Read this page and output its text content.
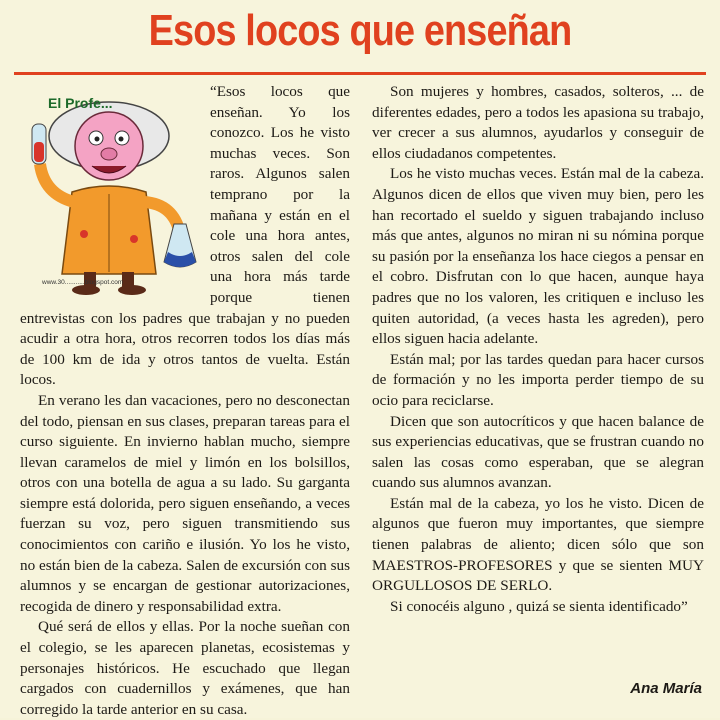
Esos locos que enseñan
El Profe...
www.30...........blogspot.com

“Esos locos que enseñan. Yo los conozco. Los he visto muchas veces. Son raros. Algunos salen temprano por la mañana y están en el cole una hora antes, otros salen del cole una hora más tarde porque tienen entrevistas con los padres que trabajan y no pueden acudir a otra hora, otros recorren todos los días más de 100 km de ida y otros tantos de vuelta. Están locos.

En verano les dan vacaciones, pero no desconectan del todo, piensan en sus clases, preparan tareas para el curso siguiente. En invierno hablan mucho, siempre llevan caramelos de miel y limón en los bolsillos, otros con una botella de agua a su lado. Su garganta siempre está dolorida, pero siguen enseñando, a veces fuerzan su voz, pero siguen transmitiendo sus conocimientos con cariño e ilusión. Yo los he visto, no están bien de la cabeza. Salen de excursión con sus alumnos y se encargan de gestionar autorizaciones, recogida de dinero y responsabilidad extra.

Qué será de ellos y ellas. Por la noche sueñan con el colegio, se les aparecen planetas, ecosistemas y personajes históricos. He escuchado que llegan cargados con cuadernillos y exámenes, que han corregido la tarde anterior en su casa.

Son mujeres y hombres, casados, solteros, ... de diferentes edades, pero a todos les apasiona su trabajo, ver crecer a sus alumnos, ayudarlos y conseguir de ellos ciudadanos competentes.

Los he visto muchas veces. Están mal de la cabeza. Algunos dicen de ellos que viven muy bien, pero les han recortado el sueldo y siguen trabajando incluso más que antes, algunos no miran ni su nómina porque su pasión por la enseñanza los hace ciegos a pensar en el cobro. Disfrutan con lo que hacen, aunque haya padres que no los valoren, les critiquen e incluso les quiten autoridad, (a veces hasta les agreden), pero ellos siguen hacia adelante.

Están mal; por las tardes quedan para hacer cursos de formación y no les importa perder tiempo de su ocio para reciclarse.

Dicen que son autocríticos y que hacen balance de sus experiencias educativas, que se frustran cuando no salen las cosas como esperaban, que se alegran cuando sus alumnos avanzan.

Están mal de la cabeza, yo los he visto. Dicen de algunos que fueron muy importantes, que siempre tienen palabras de aliento; dicen sólo que son MAESTROS-PROFESORES y que se sienten MUY ORGULLOSOS DE SERLO.

Si conocéis alguno , quizá se sienta identificado”

Ana María
